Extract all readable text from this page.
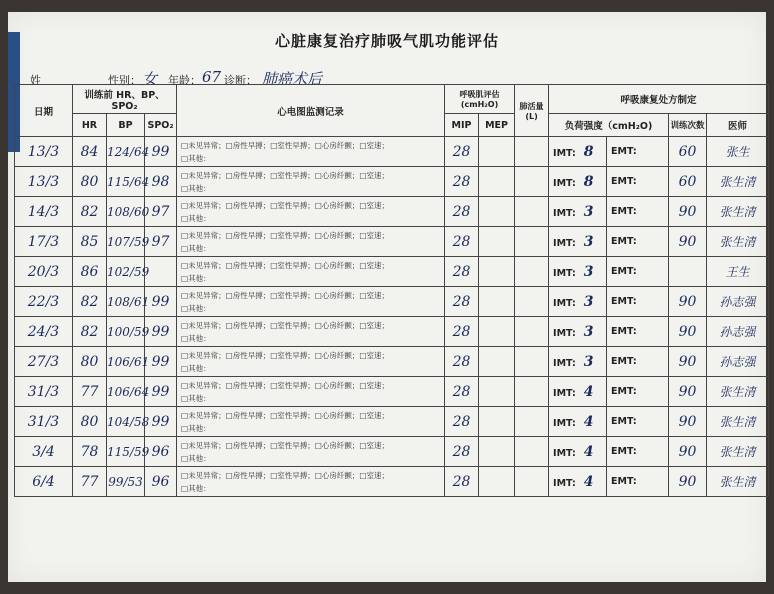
心脏康复治疗肺吸气肌功能评估
姓	性别： 女 年龄： 67 诊断： 肺癌术后
日期	训练前 HR、BP、SPO₂			心电图监测记录	呼吸肌评估 (cmH₂O)		肺活量 (L)	呼吸康复处方制定			
	HR	BP	SPO₂		MIP	MEP		负荷强度（cmH₂O)		训练次数	医师
13/3	84	124/64	99	□未见异常；□房性早搏；□室性早搏；□心房纤颤；□室速；
□其他：	28			IMT: 8	EMT:	60	张生
13/3	80	115/64	98	□未见异常；□房性早搏；□室性早搏；□心房纤颤；□室速；
□其他：	28			IMT: 8	EMT:	60	张生清
14/3	82	108/60	97	□未见异常；□房性早搏；□室性早搏；□心房纤颤；□室速；
□其他：	28			IMT: 3	EMT:	90	张生清
17/3	85	107/59	97	□未见异常；□房性早搏；□室性早搏；□心房纤颤；□室速；
□其他：	28			IMT: 3	EMT:	90	张生清
20/3	86	102/59		□未见异常；□房性早搏；□室性早搏；□心房纤颤；□室速；
□其他：	28			IMT: 3	EMT:		王生
22/3	82	108/61	99	□未见异常；□房性早搏；□室性早搏；□心房纤颤；□室速；
□其他：	28			IMT: 3	EMT:	90	孙志强
24/3	82	100/59	99	□未见异常；□房性早搏；□室性早搏；□心房纤颤；□室速；
□其他：	28			IMT: 3	EMT:	90	孙志强
27/3	80	106/61	99	□未见异常；□房性早搏；□室性早搏；□心房纤颤；□室速；
□其他：	28			IMT: 3	EMT:	90	孙志强
31/3	77	106/64	99	□未见异常；□房性早搏；□室性早搏；□心房纤颤；□室速；
□其他：	28			IMT: 4	EMT:	90	张生清
31/3	80	104/58	99	□未见异常；□房性早搏；□室性早搏；□心房纤颤；□室速；
□其他：	28			IMT: 4	EMT:	90	张生清
3/4	78	115/59	96	□未见异常；□房性早搏；□室性早搏；□心房纤颤；□室速；
□其他：	28			IMT: 4	EMT:	90	张生清
6/4	77	99/53	96	□未见异常；□房性早搏；□室性早搏；□心房纤颤；□室速；
□其他：	28			IMT: 4	EMT:	90	张生清
